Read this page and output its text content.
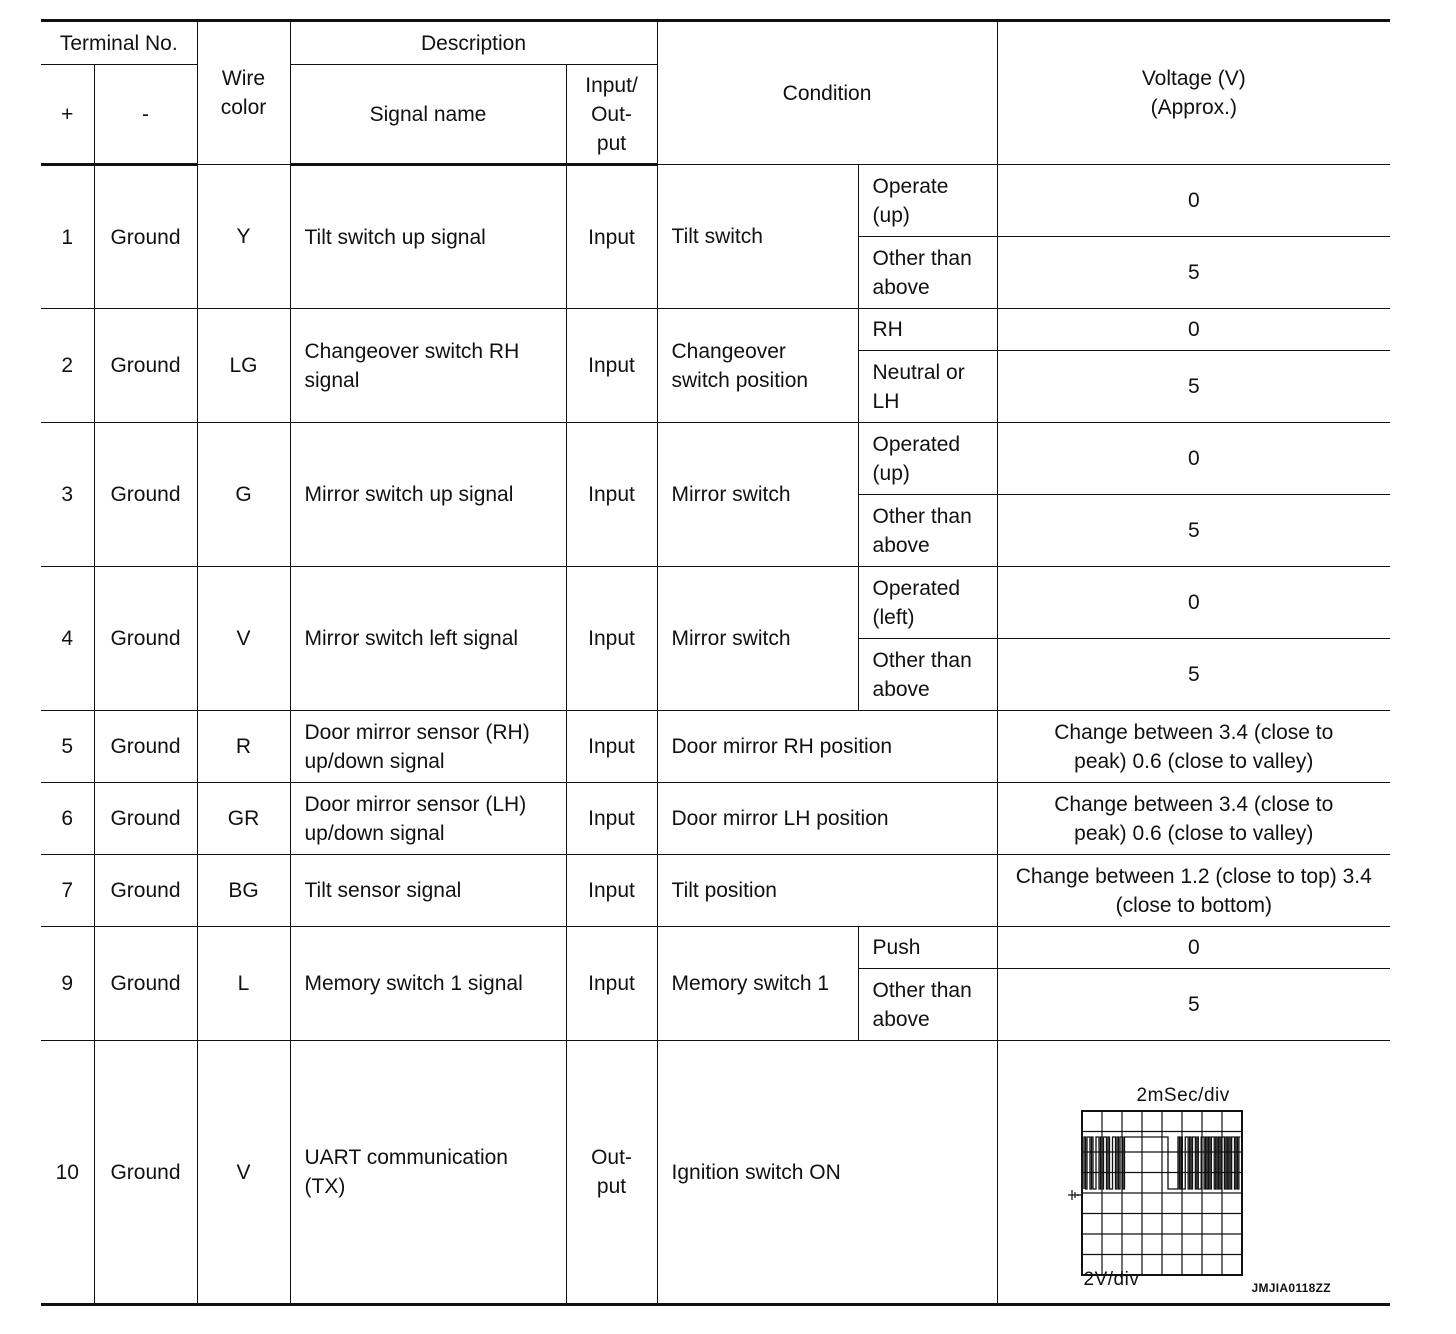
Terminal No.		Wire color	Description		Condition		Voltage (V) (Approx.)
+	-		Signal name	Input/ Out- put			
1	Ground	Y	Tilt switch up signal	Input	Tilt switch	Operate (up)	0
						Other than above	5
2	Ground	LG	Changeover switch RH signal	Input	Changeover switch position	RH	0
						Neutral or LH	5
3	Ground	G	Mirror switch up signal	Input	Mirror switch	Operated (up)	0
						Other than above	5
4	Ground	V	Mirror switch left signal	Input	Mirror switch	Operated (left)	0
						Other than above	5
5	Ground	R	Door mirror sensor (RH) up/down signal	Input	Door mirror RH position		Change between 3.4 (close to peak) 0.6 (close to valley)
6	Ground	GR	Door mirror sensor (LH) up/down signal	Input	Door mirror LH position		Change between 3.4 (close to peak) 0.6 (close to valley)
7	Ground	BG	Tilt sensor signal	Input	Tilt position		Change between 1.2 (close to top) 3.4 (close to bottom)
9	Ground	L	Memory switch 1 signal	Input	Memory switch 1	Push	0
						Other than above	5
10	Ground	V	UART communication (TX)	Out- put	Ignition switch ON		2mSec/div
2V/div JMJIA0118ZZ
